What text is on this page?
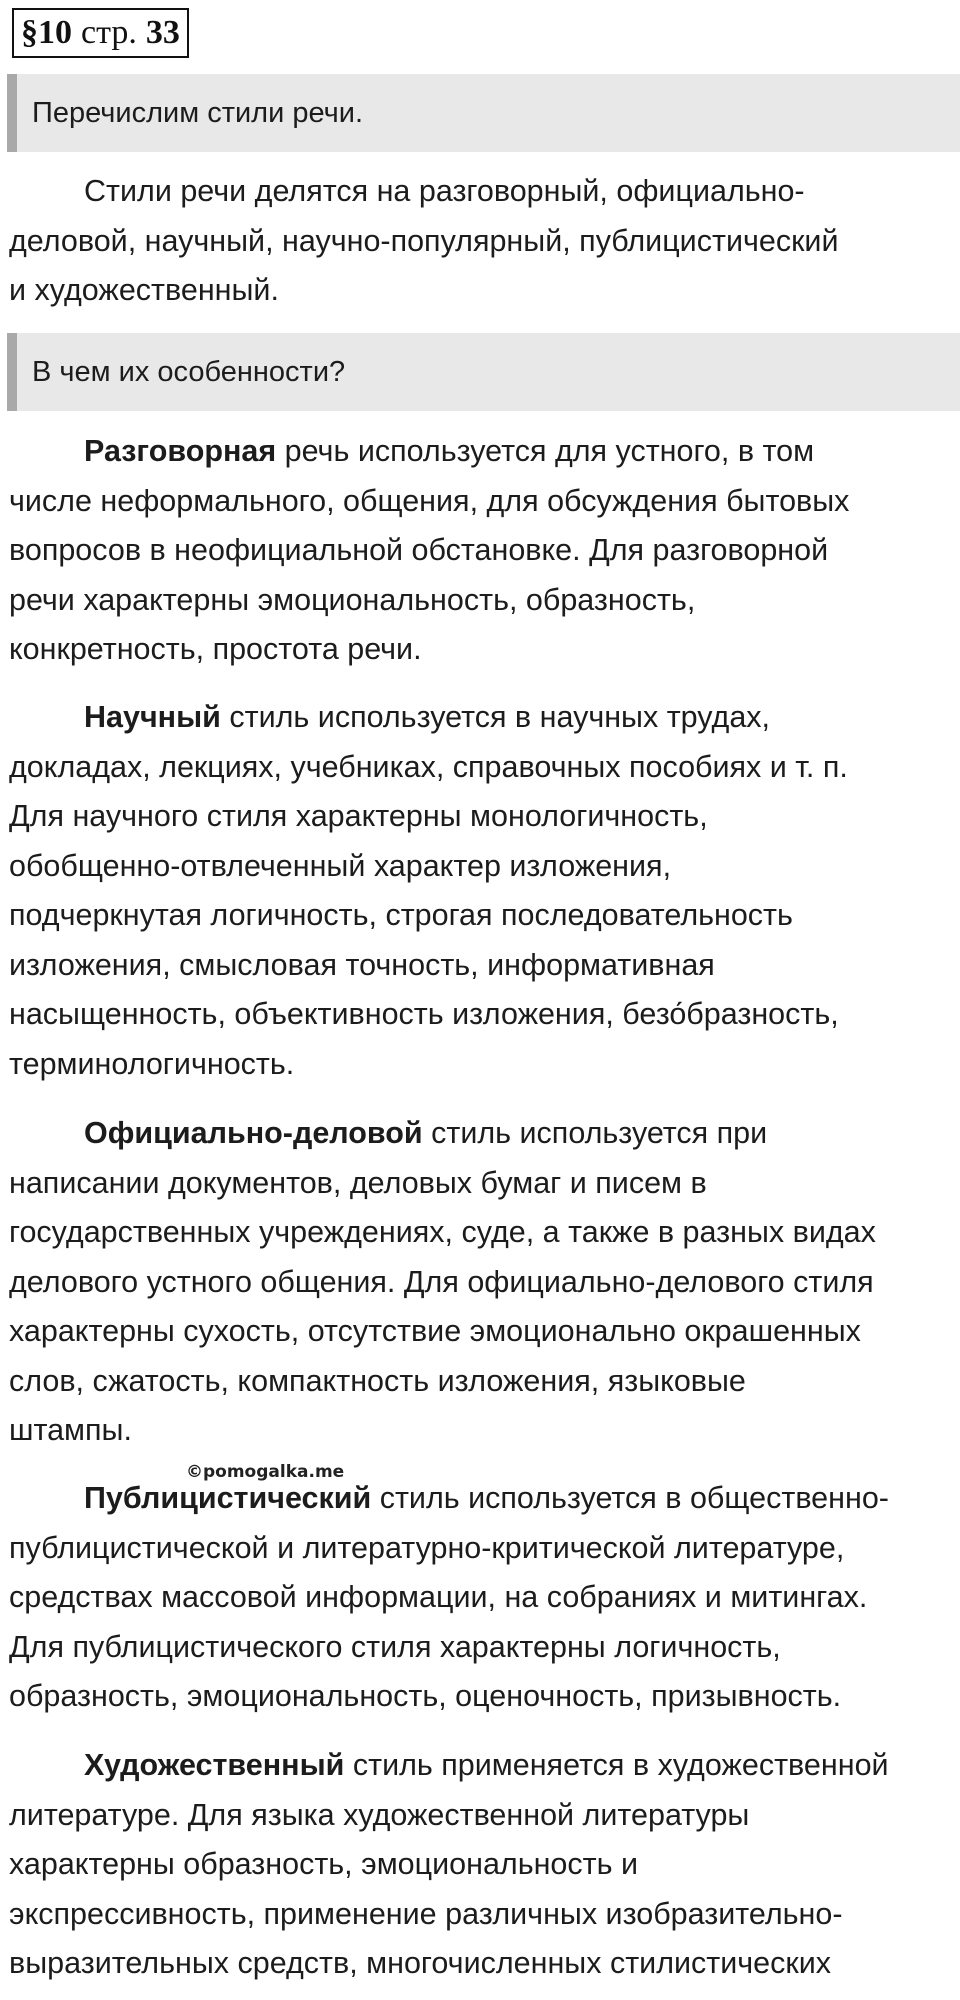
§10 стр. 33
Перечислим стили речи.
Стили речи делятся на разговорный, официально-
деловой, научный, научно-популярный, публицистический
и художественный.
В чем их особенности?
Разговорная речь используется для устного, в том
числе неформального, общения, для обсуждения бытовых
вопросов в неофициальной обстановке. Для разговорной
речи характерны эмоциональность, образность,
конкретность, простота речи.
Научный стиль используется в научных трудах,
докладах, лекциях, учебниках, справочных пособиях и т. п.
Для научного стиля характерны монологичность,
обобщенно-отвлеченный характер изложения,
подчеркнутая логичность, строгая последовательность
изложения, смысловая точность, информативная
насыщенность, объективность изложения, безо́бразность,
терминологичность.
Официально-деловой стиль используется при
написании документов, деловых бумаг и писем в
государственных учреждениях, суде, а также в разных видах
делового устного общения. Для официально-делового стиля
характерны сухость, отсутствие эмоционально окрашенных
слов, сжатость, компактность изложения, языковые
штампы.
Публицистический стиль используется в общественно-
публицистической и литературно-критической литературе,
средствах массовой информации, на собраниях и митингах.
Для публицистического стиля характерны логичность,
образность, эмоциональность, оценочность, призывность.
Художественный стиль применяется в художественной
литературе. Для языка художественной литературы
характерны образность, эмоциональность и
экспрессивность, применение различных изобразительно-
выразительных средств, многочисленных стилистических
©pomogalka.me
